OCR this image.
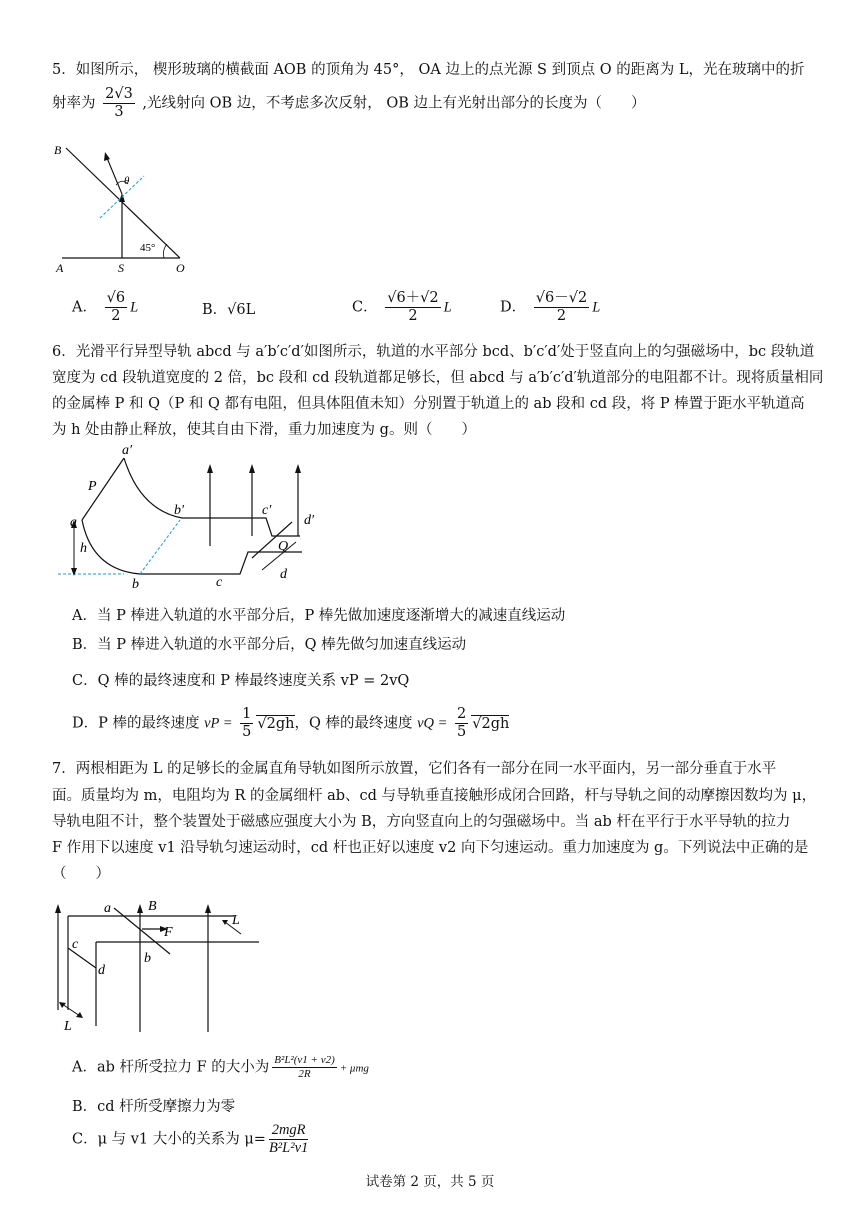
5．如图所示， 楔形玻璃的横截面 AOB 的顶角为 45°， OA 边上的点光源 S 到顶点 O 的距离为 L，光在玻璃中的折
射率为 $\frac{2√3}{3}$ ,光线射向 OB 边，不考虑多次反射， OB 边上有光射出部分的长度为（　　）
B
A	S	O
θ
45°
A． $\frac{√6}{2}$ L	B．√6L	C． $\frac{√6+√2}{2}$ L	D． $\frac{√6-√2}{2}$ L
6．光滑平行异型导轨 abcd 与 a′b′c′d′如图所示，轨道的水平部分 bcd、b′c′d′处于竖直向上的匀强磁场中，bc 段轨道
宽度为 cd 段轨道宽度的 2 倍，bc 段和 cd 段轨道都足够长，但 abcd 与 a′b′c′d′轨道部分的电阻都不计。现将质量相同
的金属棒 P 和 Q（P 和 Q 都有电阻，但具体阻值未知）分别置于轨道上的 ab 段和 cd 段，将 P 棒置于距水平轨道高
为 h 处由静止释放，使其自由下滑，重力加速度为 g。则（　　）
a′
P
a
h
b
b′
c
c′
d
d′
Q
A．当 P 棒进入轨道的水平部分后，P 棒先做加速度逐渐增大的减速直线运动
B．当 P 棒进入轨道的水平部分后，Q 棒先做匀加速直线运动
C．Q 棒的最终速度和 P 棒最终速度关系 vP = 2vQ
D．P 棒的最终速度 vP = $\frac{1}{5} √2gh$，Q 棒的最终速度 vQ = $\frac{2}{5} √2gh$
7．两根相距为 L 的足够长的金属直角导轨如图所示放置，它们各有一部分在同一水平面内，另一部分垂直于水平
面。质量均为 m，电阻均为 R 的金属细杆 ab、cd 与导轨垂直接触形成闭合回路，杆与导轨之间的动摩擦因数均为 μ，
导轨电阻不计，整个装置处于磁感应强度大小为 B，方向竖直向上的匀强磁场中。当 ab 杆在平行于水平导轨的拉力
F 作用下以速度 v1 沿导轨匀速运动时，cd 杆也正好以速度 v2 向下匀速运动。重力加速度为 g。下列说法中正确的是
（　　）
a	B
F
b
c
d
L
L
A．ab 杆所受拉力 F 的大小为 $\frac{\text{B²L²(v1 + v2)}}{2R} + \mu mg$
B．cd 杆所受摩擦力为零
C．μ 与 v1 大小的关系为 $\mu= \frac{\text{2mgR}}{\text{B²L²v1}}$
试卷第 2 页，共 5 页
